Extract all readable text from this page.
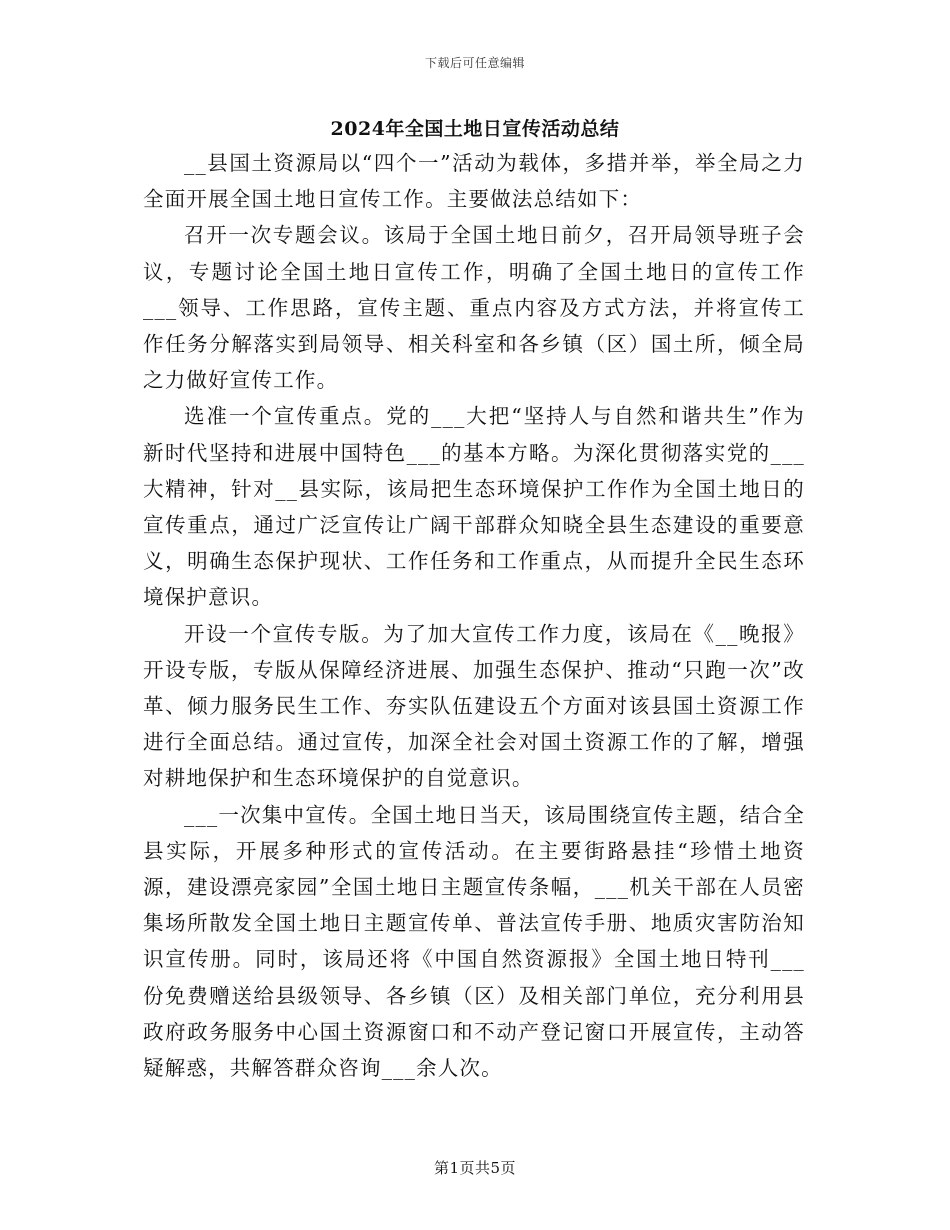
下载后可任意编辑
2024年全国土地日宣传活动总结

__县国土资源局以“四个一”活动为载体，多措并举，举全局之力全面开展全国土地日宣传工作。主要做法总结如下：

召开一次专题会议。该局于全国土地日前夕，召开局领导班子会议，专题讨论全国土地日宣传工作，明确了全国土地日的宣传工作___领导、工作思路，宣传主题、重点内容及方式方法，并将宣传工作任务分解落实到局领导、相关科室和各乡镇（区）国土所，倾全局之力做好宣传工作。

选准一个宣传重点。党的___大把“坚持人与自然和谐共生”作为新时代坚持和进展中国特色___的基本方略。为深化贯彻落实党的___大精神，针对__县实际，该局把生态环境保护工作作为全国土地日的宣传重点，通过广泛宣传让广阔干部群众知晓全县生态建设的重要意义，明确生态保护现状、工作任务和工作重点，从而提升全民生态环境保护意识。

开设一个宣传专版。为了加大宣传工作力度，该局在《__晚报》开设专版，专版从保障经济进展、加强生态保护、推动“只跑一次”改革、倾力服务民生工作、夯实队伍建设五个方面对该县国土资源工作进行全面总结。通过宣传，加深全社会对国土资源工作的了解，增强对耕地保护和生态环境保护的自觉意识。

___一次集中宣传。全国土地日当天，该局围绕宣传主题，结合全县实际，开展多种形式的宣传活动。在主要街路悬挂“珍惜土地资源，建设漂亮家园”全国土地日主题宣传条幅，___机关干部在人员密集场所散发全国土地日主题宣传单、普法宣传手册、地质灾害防治知识宣传册。同时，该局还将《中国自然资源报》全国土地日特刊___份免费赠送给县级领导、各乡镇（区）及相关部门单位，充分利用县政府政务服务中心国土资源窗口和不动产登记窗口开展宣传，主动答疑解惑，共解答群众咨询___余人次。

第1页共5页
